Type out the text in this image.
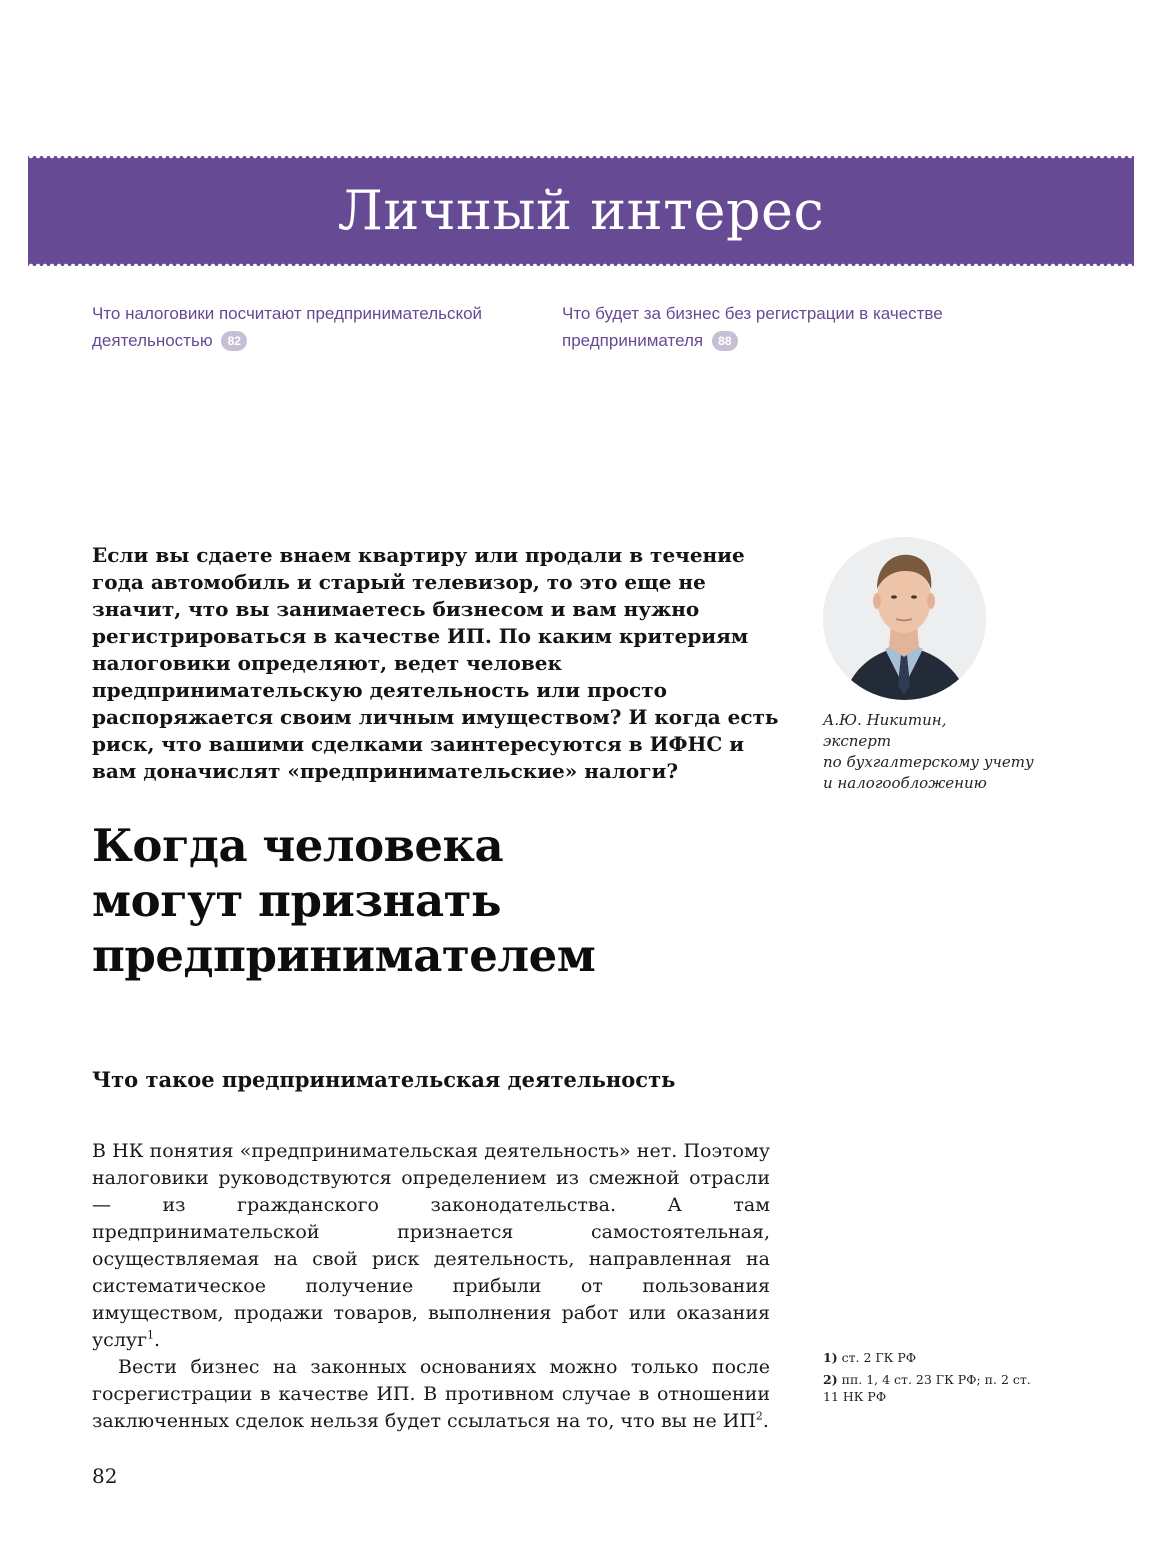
Личный интерес
Что налоговики посчитают предпринимательской деятельностью 82
Что будет за бизнес без регистрации в качестве предпринимателя 88

Если вы сдаете внаем квартиру или продали в течение года автомобиль и старый телевизор, то это еще не значит, что вы занимаетесь бизнесом и вам нужно регистрироваться в качестве ИП. По каким критериям налоговики определяют, ведет человек предпринимательскую деятельность или просто распоряжается своим личным имуществом? И когда есть риск, что вашими сделками заинтересуются в ИФНС и вам доначислят «предпринимательские» налоги?

А.Ю. Никитин,
эксперт
по бухгалтерскому учету
и налогообложению
Когда человека
могут признать
предпринимателем
Что такое предпринимательская деятельность

В НК понятия «предпринимательская деятельность» нет. Поэтому налоговики руководствуются определением из смежной отрасли — из гражданского законодательства. А там предпринимательской признается самостоятельная, осуществляемая на свой риск деятельность, направленная на систематическое получение прибыли от пользования имуществом, продажи товаров, выполнения работ или оказания услуг$^1$.

Вести бизнес на законных основаниях можно только после госрегистрации в качестве ИП. В противном случае в отношении заключенных сделок нельзя будет ссылаться на то, что вы не $ИП^2$.

1) ст. 2 ГК РФ
2) пп. 1, 4 ст. 23 ГК РФ; п. 2 ст. 11 НК РФ
82
